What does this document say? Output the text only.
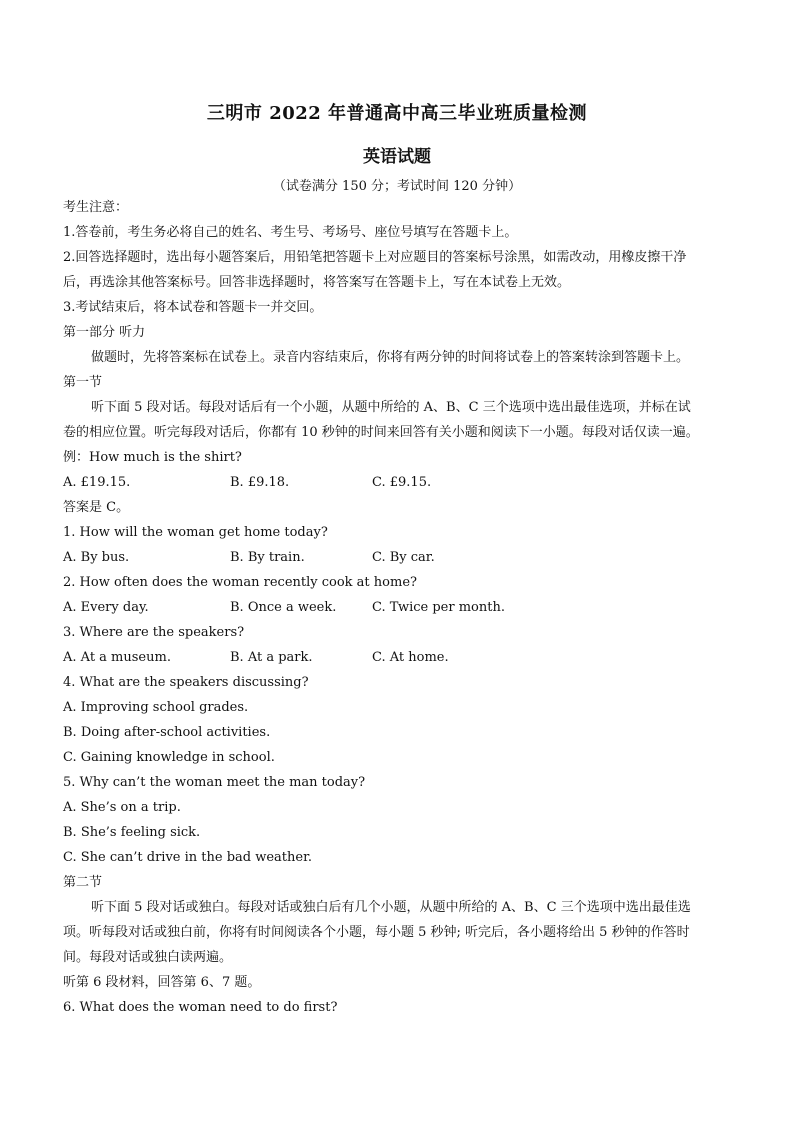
三明市 2022 年普通高中高三毕业班质量检测
英语试题
（试卷满分 150 分；考试时间 120 分钟）
考生注意：
1.答卷前，考生务必将自己的姓名、考生号、考场号、座位号填写在答题卡上。
2.回答选择题时，选出每小题答案后，用铅笔把答题卡上对应题目的答案标号涂黑，如需改动，用橡皮擦干净
后，再选涂其他答案标号。回答非选择题时，将答案写在答题卡上，写在本试卷上无效。
3.考试结束后，将本试卷和答题卡一并交回。
第一部分 听力
做题时，先将答案标在试卷上。录音内容结束后，你将有两分钟的时间将试卷上的答案转涂到答题卡上。
第一节
听下面 5 段对话。每段对话后有一个小题，从题中所给的 A、B、C 三个选项中选出最佳选项，并标在试
卷的相应位置。听完每段对话后，你都有 10 秒钟的时间来回答有关小题和阅读下一小题。每段对话仅读一遍。
例：How much is the shirt?
A. £19.15.	B. £9.18.	C. £9.15.
答案是 C。
1. How will the woman get home today?
A. By bus.	B. By train.	C. By car.
2. How often does the woman recently cook at home?
A. Every day.	B. Once a week.	C. Twice per month.
3. Where are the speakers?
A. At a museum.	B. At a park.	C. At home.
4. What are the speakers discussing?
A. Improving school grades.
B. Doing after-school activities.
C. Gaining knowledge in school.
5. Why can’t the woman meet the man today?
A. She’s on a trip.
B. She’s feeling sick.
C. She can’t drive in the bad weather.
第二节
听下面 5 段对话或独白。每段对话或独白后有几个小题，从题中所给的 A、B、C 三个选项中选出最佳选
项。听每段对话或独白前，你将有时间阅读各个小题，每小题 5 秒钟; 听完后，各小题将给出 5 秒钟的作答时
间。每段对话或独白读两遍。
听第 6 段材料，回答第 6、7 题。
6. What does the woman need to do first?
